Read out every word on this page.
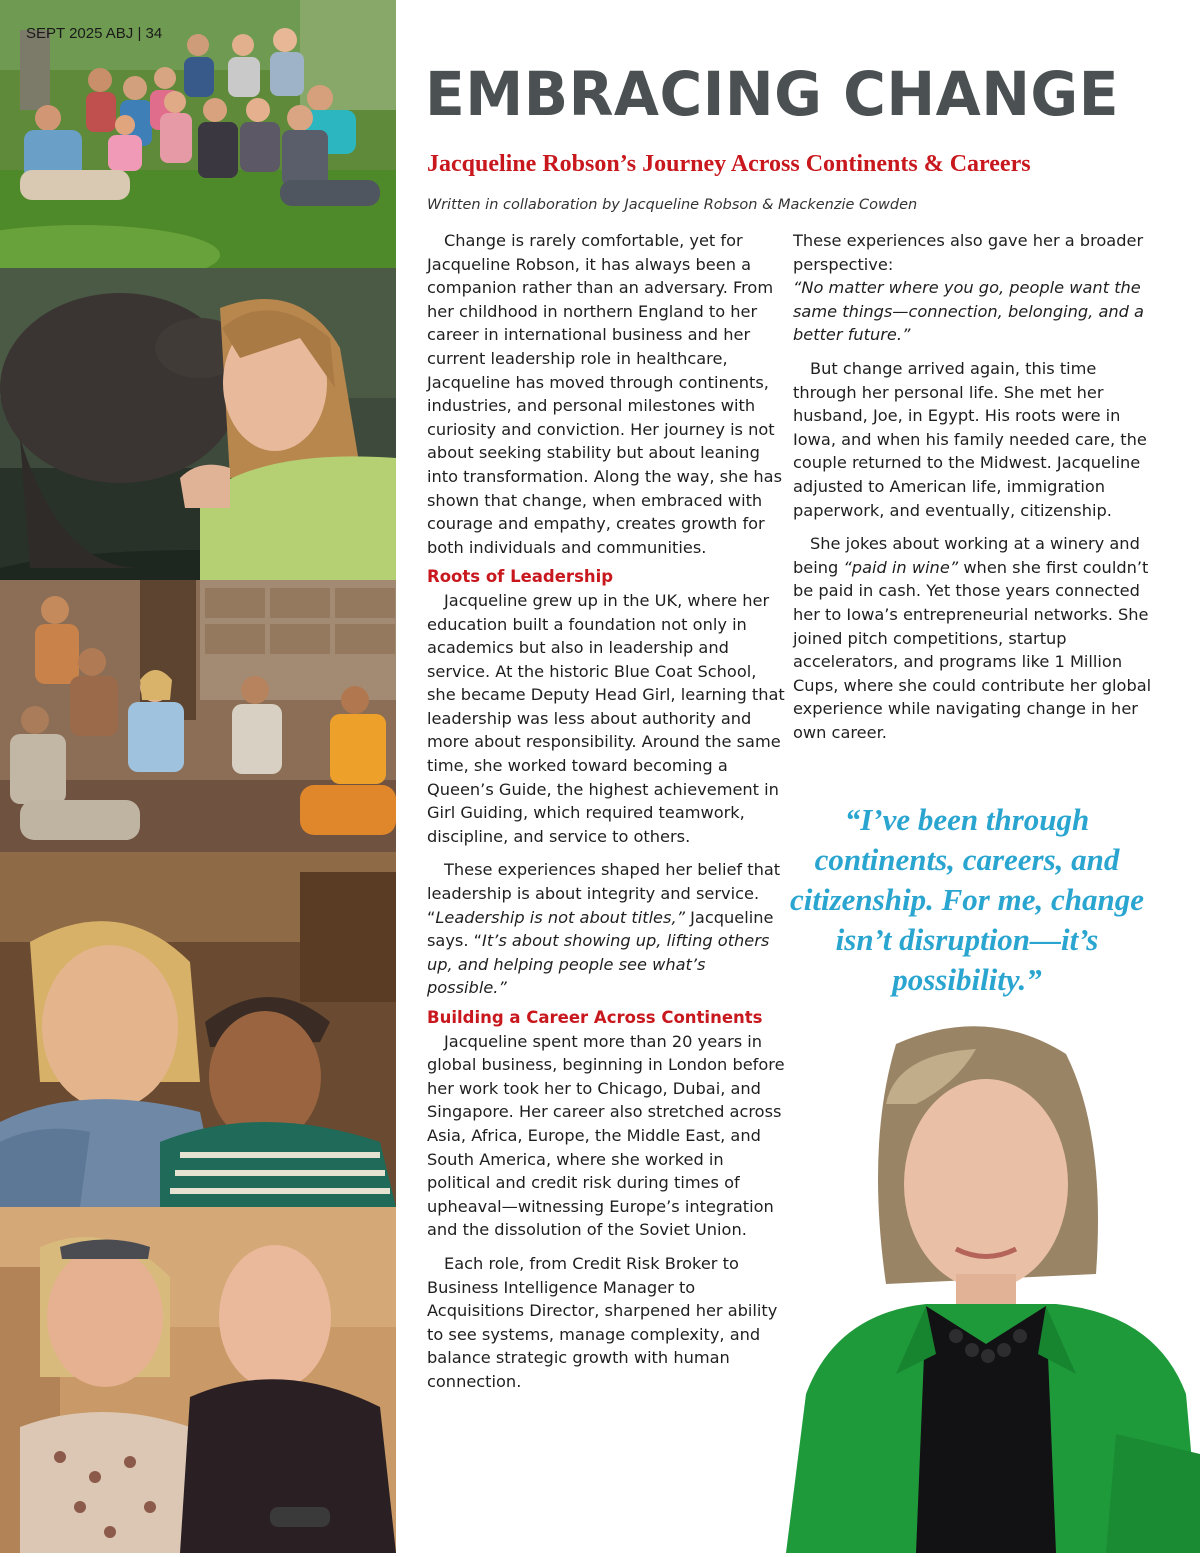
SEPT 2025 ABJ | 34
EMBRACING CHANGE
Jacqueline Robson’s Journey Across Continents & Careers

Written in collaboration by Jacqueline Robson & Mackenzie Cowden

Change is rarely comfortable, yet for Jacqueline Robson, it has always been a companion rather than an adversary. From her childhood in northern England to her career in international business and her current leadership role in healthcare, Jacqueline has moved through continents, industries, and personal milestones with curiosity and conviction. Her journey is not about seeking stability but about leaning into transformation. Along the way, she has shown that change, when embraced with courage and empathy, creates growth for both individuals and communities.

Roots of Leadership

Jacqueline grew up in the UK, where her education built a foundation not only in academics but also in leadership and service. At the historic Blue Coat School, she became Deputy Head Girl, learning that leadership was less about authority and more about responsibility. Around the same time, she worked toward becoming a Queen’s Guide, the highest achievement in Girl Guiding, which required teamwork, discipline, and service to others.

These experiences shaped her belief that leadership is about integrity and service. “Leadership is not about titles,” Jacqueline says. “It’s about showing up, lifting others up, and helping people see what’s possible.”

Building a Career Across Continents

Jacqueline spent more than 20 years in global business, beginning in London before her work took her to Chicago, Dubai, and Singapore. Her career also stretched across Asia, Africa, Europe, the Middle East, and South America, where she worked in political and credit risk during times of upheaval—witnessing Europe’s integration and the dissolution of the Soviet Union.

Each role, from Credit Risk Broker to Business Intelligence Manager to Acquisitions Director, sharpened her ability to see systems, manage complexity, and balance strategic growth with human connection.

These experiences also gave her a broader perspective:
“No matter where you go, people want the same things—connection, belonging, and a better future.”

But change arrived again, this time through her personal life. She met her husband, Joe, in Egypt. His roots were in Iowa, and when his family needed care, the couple returned to the Midwest. Jacqueline adjusted to American life, immigration paperwork, and eventually, citizenship.

She jokes about working at a winery and being “paid in wine” when she first couldn’t be paid in cash. Yet those years connected her to Iowa’s entrepreneurial networks. She joined pitch competitions, startup accelerators, and programs like 1 Million Cups, where she could contribute her global experience while navigating change in her own career.

“I’ve been through continents, careers, and citizenship. For me, change isn’t disruption—it’s possibility.”
